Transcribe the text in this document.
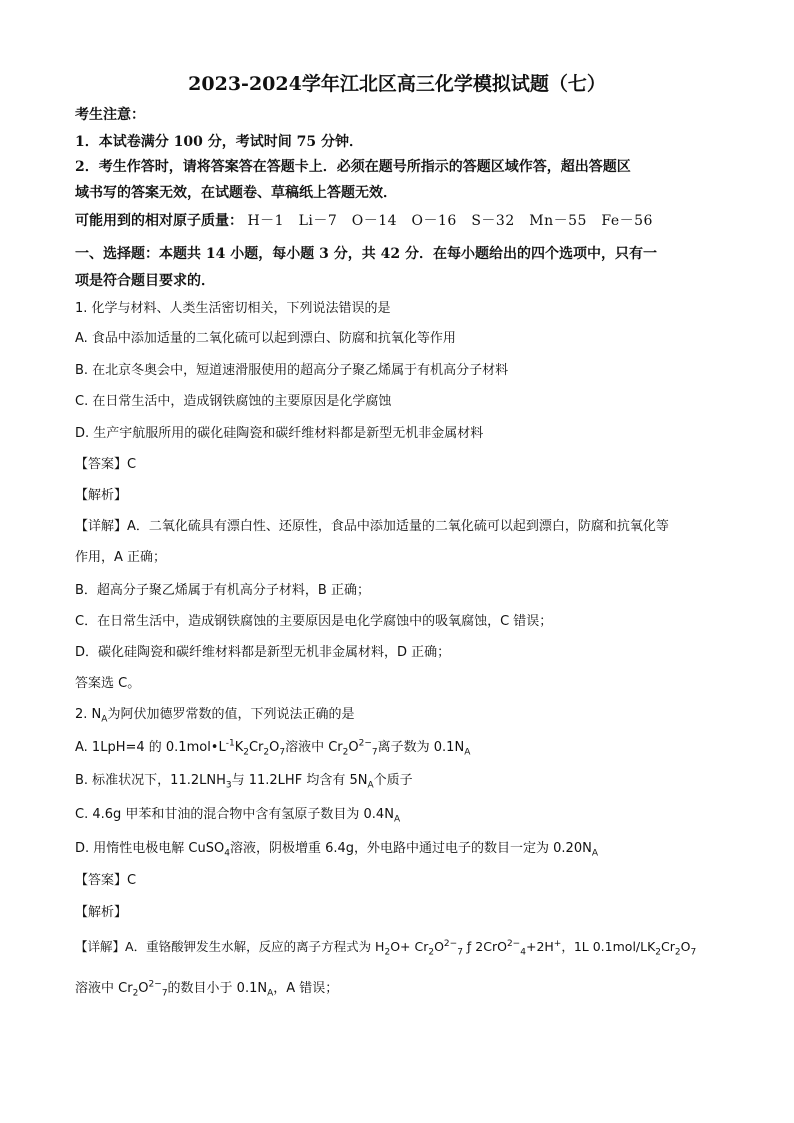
2023-2024学年江北区高三化学模拟试题（七）
考生注意：
1．本试卷满分 100 分，考试时间 75 分钟．
2．考生作答时，请将答案答在答题卡上．必须在题号所指示的答题区域作答，超出答题区
域书写的答案无效，在试题卷、草稿纸上答题无效．
可能用到的相对原子质量： H－1　Li－7　O－14　O－16　S－32　Mn－55　Fe－56
一、选择题：本题共 14 小题，每小题 3 分，共 42 分．在每小题给出的四个选项中，只有一
项是符合题目要求的．
1. 化学与材料、人类生活密切相关，下列说法错误的是
A. 食品中添加适量的二氧化硫可以起到漂白、防腐和抗氧化等作用
B. 在北京冬奥会中，短道速滑服使用的超高分子聚乙烯属于有机高分子材料
C. 在日常生活中，造成钢铁腐蚀的主要原因是化学腐蚀
D. 生产宇航服所用的碳化硅陶瓷和碳纤维材料都是新型无机非金属材料
【答案】C
【解析】
【详解】A．二氧化硫具有漂白性、还原性，食品中添加适量的二氧化硫可以起到漂白，防腐和抗氧化等
作用，A 正确；
B．超高分子聚乙烯属于有机高分子材料，B 正确；
C．在日常生活中，造成钢铁腐蚀的主要原因是电化学腐蚀中的吸氧腐蚀，C 错误；
D．碳化硅陶瓷和碳纤维材料都是新型无机非金属材料，D 正确；
答案选 C。
2. $N_A$为阿伏加德罗常数的值，下列说法正确的是
A. 1LpH=4 的 $0.1mol•L^{-1}K_2Cr_2O_7$溶液中 $Cr_2O^{2-}_7$离子数为 $0.1N_A$
B. 标准状况下，$11.2LNH_3$与 11.2LHF 均含有 $5N_A$个质子
C. 4.6g 甲苯和甘油的混合物中含有氢原子数目为 $0.4N_A$
D. 用惰性电极电解 CuSO$_4$溶液，阴极增重 6.4g，外电路中通过电子的数目一定为 $0.20N_A$
【答案】C
【解析】
【详解】A．重铬酸钾发生水解，反应的离子方程式为 $H_2O+ Cr_2O^{2-}_7$ ƒ 2CrO$^{2-}_4$+2H+，1L $0.1mol/LK_2Cr_2O_7$
溶液中 $Cr_2O^{2-}_7$的数目小于 $0.1N_A$，A 错误；
